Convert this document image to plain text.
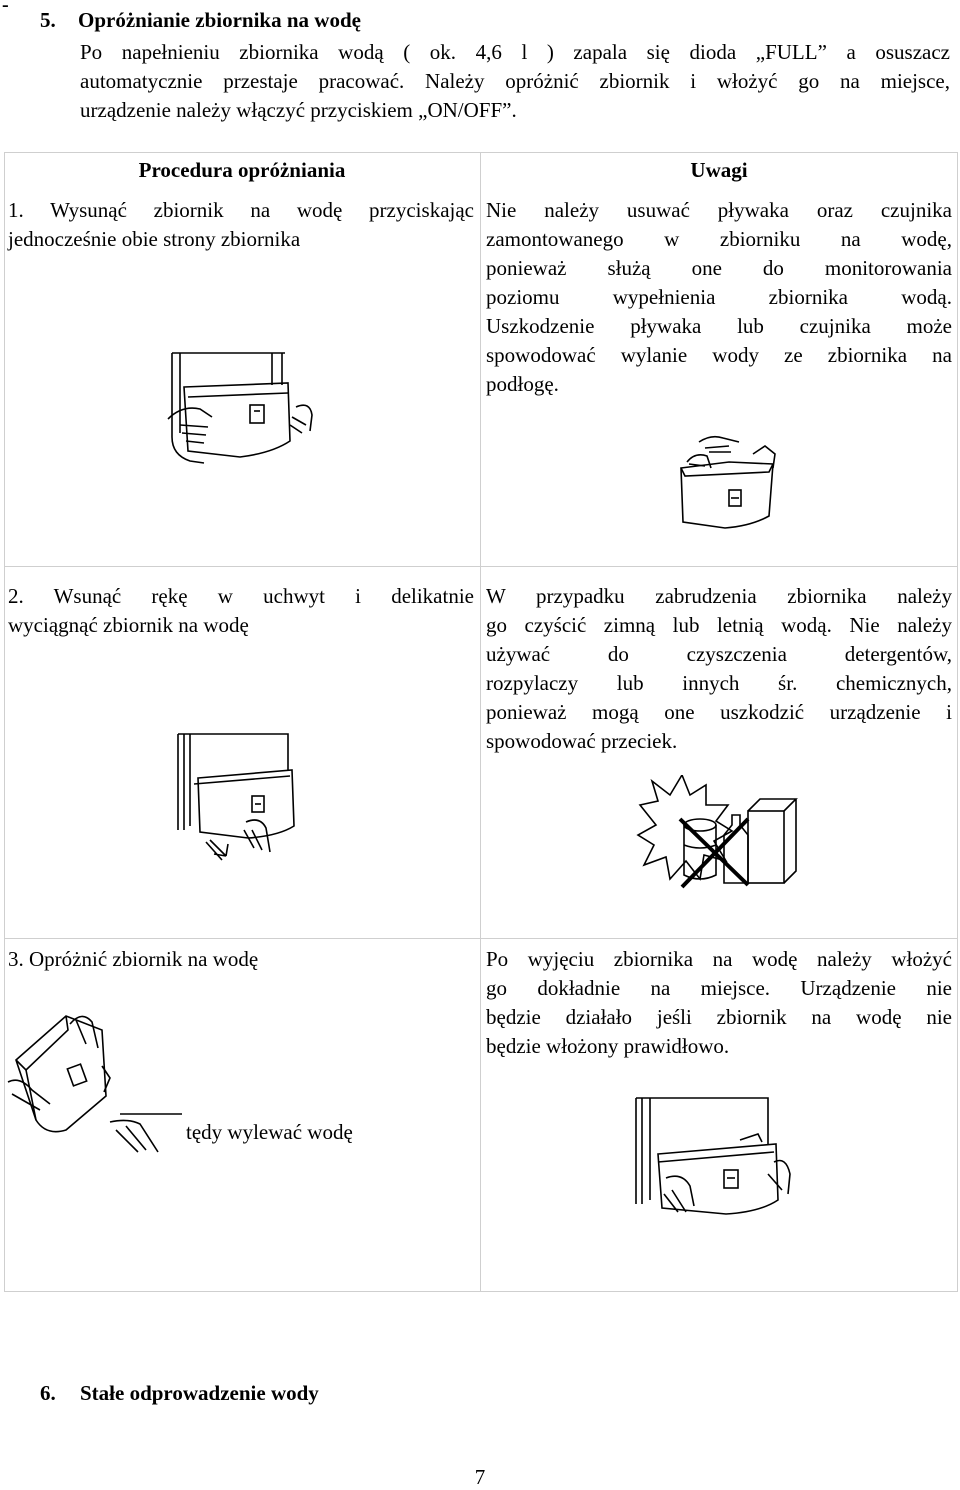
-
5. Opróżnianie zbiornika na wodę

Po napełnieniu zbiornika wodą ( ok. 4,6 l ) zapala się dioda „FULL” a osuszacz

automatycznie przestaje pracować. Należy opróżnić zbiornik i włożyć go na miejsce,

urządzenie należy włączyć przyciskiem „ON/OFF”.

Procedura opróżniania	Uwagi

1. Wysunąć zbiornik na wodę przyciskając

jednocześnie obie strony zbiornika

Nie należy usuwać pływaka oraz czujnika

zamontowanego w zbiorniku na wodę,

ponieważ służą one do monitorowania

poziomu wypełnienia zbiornika wodą.

Uszkodzenie pływaka lub czujnika może

spowodować wylanie wody ze zbiornika na

podłogę.

2. Wsunąć rękę w uchwyt i delikatnie

wyciągnąć zbiornik na wodę

W przypadku zabrudzenia zbiornika należy

go czyścić zimną lub letnią wodą. Nie należy

używać do czyszczenia detergentów,

rozpylaczy lub innych śr. chemicznych,

ponieważ mogą one uszkodzić urządzenie i

spowodować przeciek.

3. Opróżnić zbiornik na wodę	Po wyjęciu zbiornika na wodę należy włożyć

go dokładnie na miejsce. Urządzenie nie

będzie działało jeśli zbiornik na wodę nie

będzie włożony prawidłowo.

tędy wylewać wodę
6. Stałe odprowadzenie wody
7
